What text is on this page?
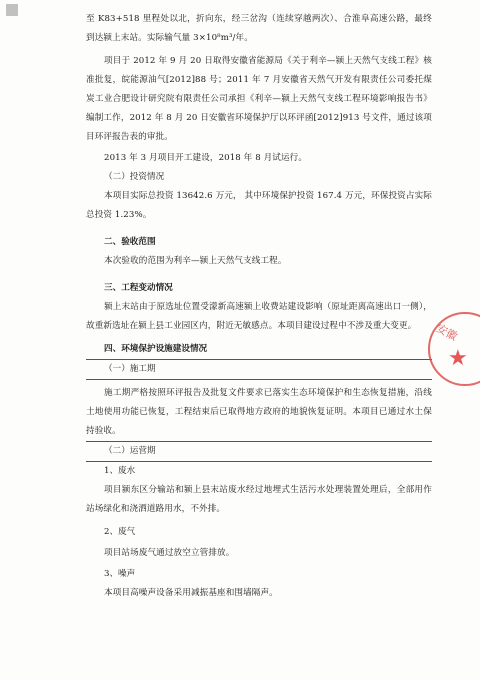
至 K83+518 里程处以北，折向东，经三岔沟（连续穿越两次）、合淮阜高速公路，最终到达颍上末站。实际输气量 3×10⁸m³/年。

项目于 2012 年 9 月 20 日取得安徽省能源局《关于利辛—颍上天然气支线工程》核准批复，皖能源油气[2012]88 号；2011 年 7 月安徽省天然气开发有限责任公司委托煤炭工业合肥设计研究院有限责任公司承担《利辛—颍上天然气支线工程环境影响报告书》编制工作，2012 年 8 月 20 日安徽省环境保护厅以环评函[2012]913 号文件，通过该项目环评报告表的审批。

2013 年 3 月项目开工建设，2018 年 8 月试运行。

（二）投资情况

本项目实际总投资 13642.6 万元， 其中环境保护投资 167.4 万元，环保投资占实际总投资 1.23%。

二、验收范围

本次验收的范围为利辛—颍上天然气支线工程。

三、工程变动情况

颍上末站由于原选址位置受濛新高速颍上收费站建设影响（原址距离高速出口一侧），故重新选址在颍上县工业园区内，附近无敏感点。本项目建设过程中不涉及重大变更。

四、环境保护设施建设情况

（一）施工期

施工期严格按照环评报告及批复文件要求已落实生态环境保护和生态恢复措施，沿线土地使用功能已恢复，工程结束后已取得地方政府的地貌恢复证明。本项目已通过水土保持验收。

（二）运营期

1、废水

项目颍东区分输站和颍上县末站废水经过地埋式生活污水处理装置处理后，全部用作站场绿化和浇洒道路用水，不外排。

2、废气

项目站场废气通过放空立管排放。

3、噪声

本项目高噪声设备采用减振基座和围墙隔声。

安徽
★
